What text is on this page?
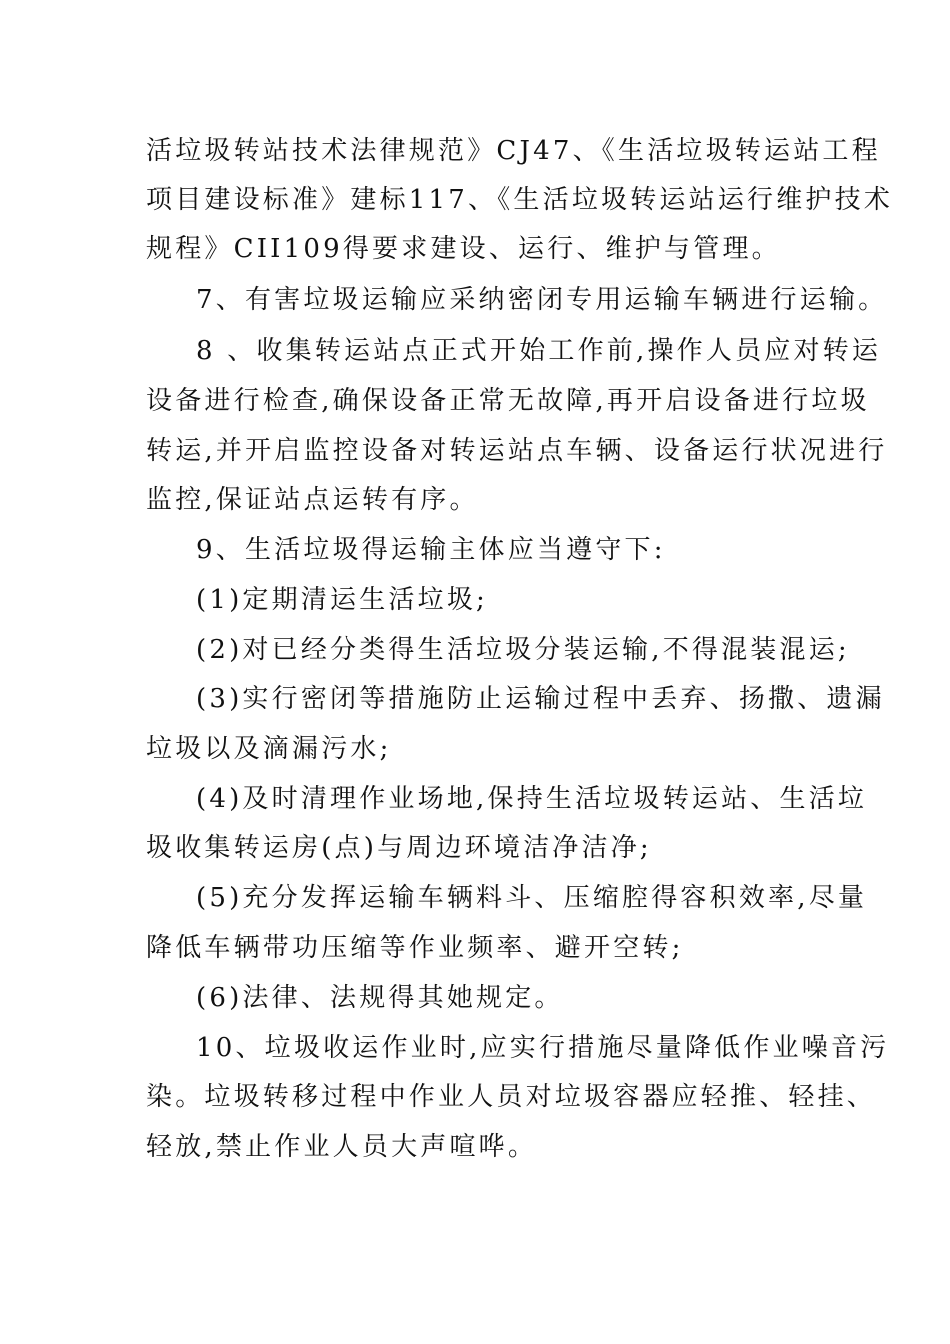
活垃圾转站技术法律规范》CJ47、《生活垃圾转运站工程
项目建设标准》建标117、《生活垃圾转运站运行维护技术
规程》CII109得要求建设、运行、维护与管理。
7、有害垃圾运输应采纳密闭专用运输车辆进行运输。
8 、收集转运站点正式开始工作前,操作人员应对转运
设备进行检查,确保设备正常无故障,再开启设备进行垃圾
转运,并开启监控设备对转运站点车辆、设备运行状况进行
监控,保证站点运转有序。
9、生活垃圾得运输主体应当遵守下:
(1)定期清运生活垃圾;
(2)对已经分类得生活垃圾分装运输,不得混装混运;
(3)实行密闭等措施防止运输过程中丢弃、扬撒、遗漏
垃圾以及滴漏污水;
(4)及时清理作业场地,保持生活垃圾转运站、生活垃
圾收集转运房(点)与周边环境洁净洁净;
(5)充分发挥运输车辆料斗、压缩腔得容积效率,尽量
降低车辆带功压缩等作业频率、避开空转;
(6)法律、法规得其她规定。
10、垃圾收运作业时,应实行措施尽量降低作业噪音污
染。垃圾转移过程中作业人员对垃圾容器应轻推、轻挂、
轻放,禁止作业人员大声喧哗。
